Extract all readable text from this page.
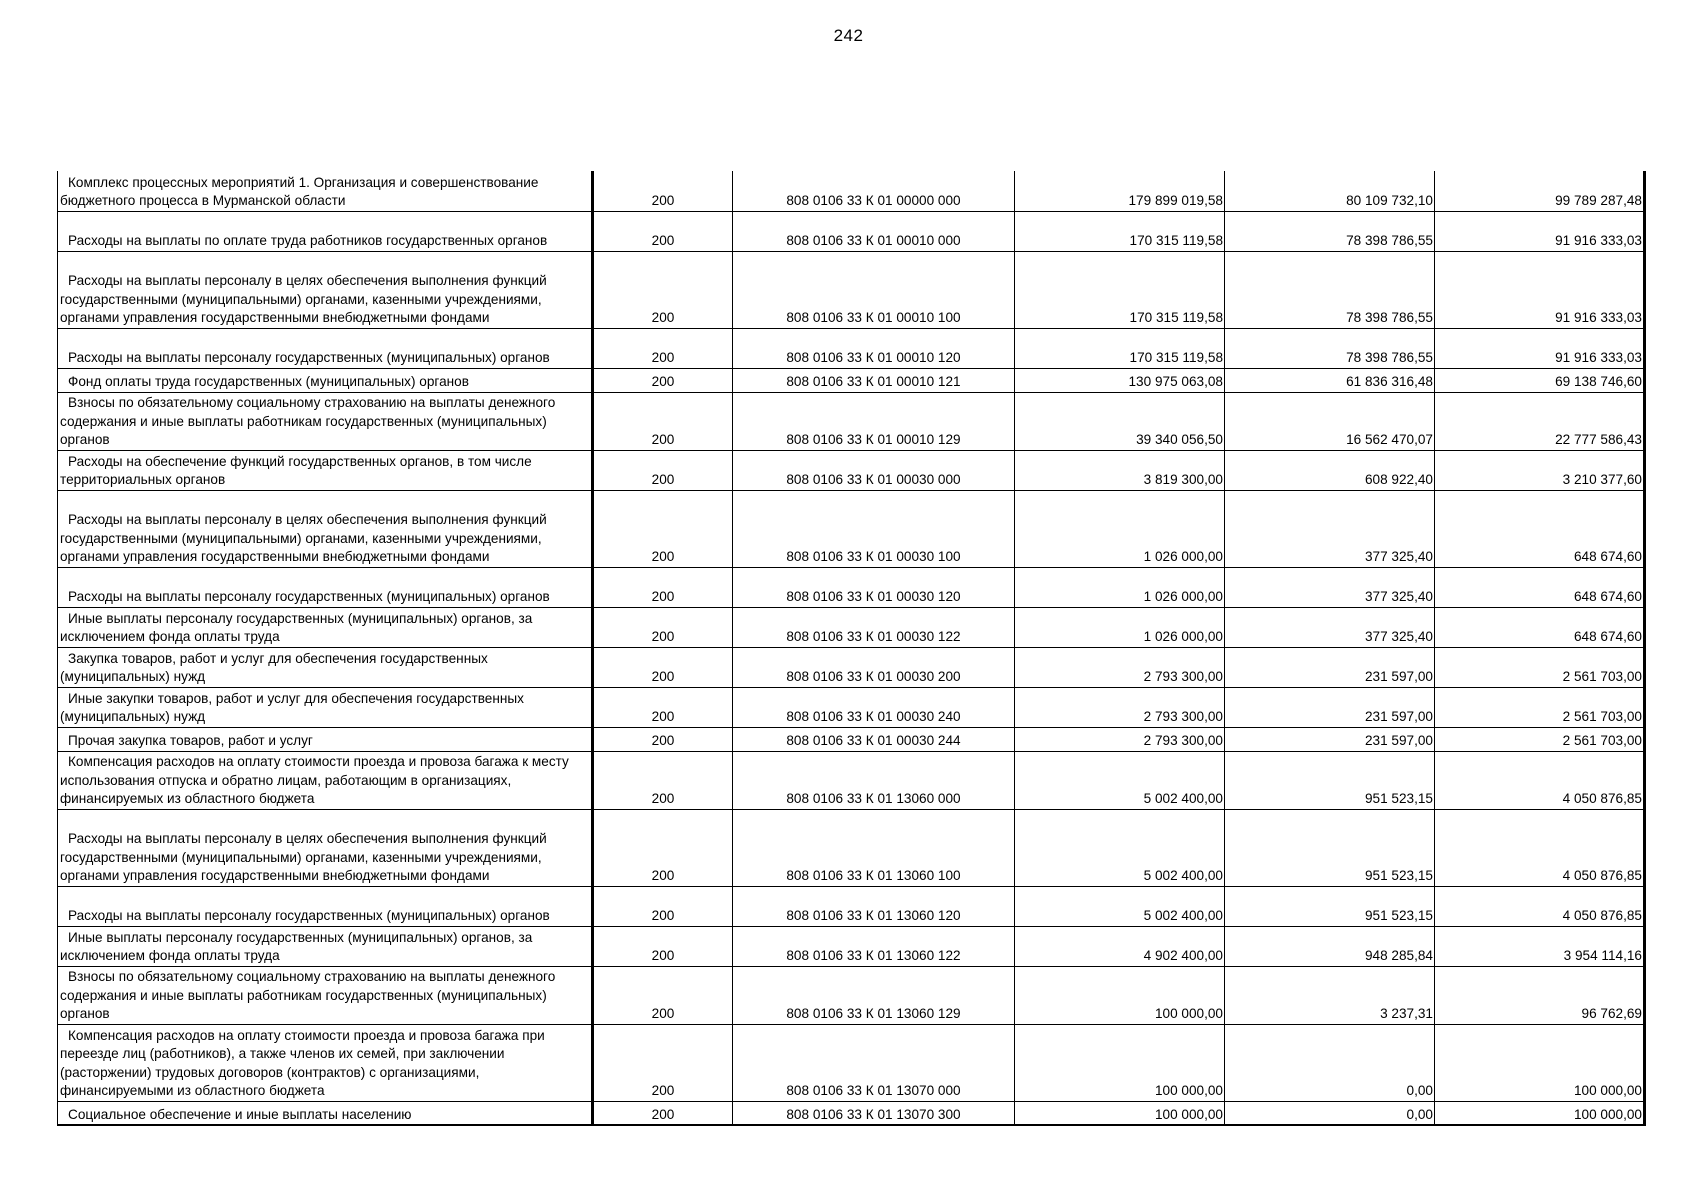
242
Комплекс процессных мероприятий 1. Организация и совершенствование бюджетного процесса в Мурманской области	200	808 0106 33 К 01 00000 000	179 899 019,58	80 109 732,10	99 789 287,48
Расходы на выплаты по оплате труда работников государственных органов	200	808 0106 33 К 01 00010 000	170 315 119,58	78 398 786,55	91 916 333,03
Расходы на выплаты персоналу в целях обеспечения выполнения функций государственными (муниципальными) органами, казенными учреждениями, органами управления государственными внебюджетными фондами	200	808 0106 33 К 01 00010 100	170 315 119,58	78 398 786,55	91 916 333,03
Расходы на выплаты персоналу государственных (муниципальных) органов	200	808 0106 33 К 01 00010 120	170 315 119,58	78 398 786,55	91 916 333,03
Фонд оплаты труда государственных (муниципальных) органов	200	808 0106 33 К 01 00010 121	130 975 063,08	61 836 316,48	69 138 746,60
Взносы по обязательному социальному страхованию на выплаты денежного содержания и иные выплаты работникам государственных (муниципальных) органов	200	808 0106 33 К 01 00010 129	39 340 056,50	16 562 470,07	22 777 586,43
Расходы на обеспечение функций государственных органов, в том числе территориальных органов	200	808 0106 33 К 01 00030 000	3 819 300,00	608 922,40	3 210 377,60
Расходы на выплаты персоналу в целях обеспечения выполнения функций государственными (муниципальными) органами, казенными учреждениями, органами управления государственными внебюджетными фондами	200	808 0106 33 К 01 00030 100	1 026 000,00	377 325,40	648 674,60
Расходы на выплаты персоналу государственных (муниципальных) органов	200	808 0106 33 К 01 00030 120	1 026 000,00	377 325,40	648 674,60
Иные выплаты персоналу государственных (муниципальных) органов, за исключением фонда оплаты труда	200	808 0106 33 К 01 00030 122	1 026 000,00	377 325,40	648 674,60
Закупка товаров, работ и услуг для обеспечения государственных (муниципальных) нужд	200	808 0106 33 К 01 00030 200	2 793 300,00	231 597,00	2 561 703,00
Иные закупки товаров, работ и услуг для обеспечения государственных (муниципальных) нужд	200	808 0106 33 К 01 00030 240	2 793 300,00	231 597,00	2 561 703,00
Прочая закупка товаров, работ и услуг	200	808 0106 33 К 01 00030 244	2 793 300,00	231 597,00	2 561 703,00
Компенсация расходов на оплату стоимости проезда и провоза багажа к месту использования отпуска и обратно лицам, работающим в организациях, финансируемых из областного бюджета	200	808 0106 33 К 01 13060 000	5 002 400,00	951 523,15	4 050 876,85
Расходы на выплаты персоналу в целях обеспечения выполнения функций государственными (муниципальными) органами, казенными учреждениями, органами управления государственными внебюджетными фондами	200	808 0106 33 К 01 13060 100	5 002 400,00	951 523,15	4 050 876,85
Расходы на выплаты персоналу государственных (муниципальных) органов	200	808 0106 33 К 01 13060 120	5 002 400,00	951 523,15	4 050 876,85
Иные выплаты персоналу государственных (муниципальных) органов, за исключением фонда оплаты труда	200	808 0106 33 К 01 13060 122	4 902 400,00	948 285,84	3 954 114,16
Взносы по обязательному социальному страхованию на выплаты денежного содержания и иные выплаты работникам государственных (муниципальных) органов	200	808 0106 33 К 01 13060 129	100 000,00	3 237,31	96 762,69
Компенсация расходов на оплату стоимости проезда и провоза багажа при переезде лиц (работников), а также членов их семей, при заключении (расторжении) трудовых договоров (контрактов) с организациями, финансируемыми из областного бюджета	200	808 0106 33 К 01 13070 000	100 000,00	0,00	100 000,00
Социальное обеспечение и иные выплаты населению	200	808 0106 33 К 01 13070 300	100 000,00	0,00	100 000,00
